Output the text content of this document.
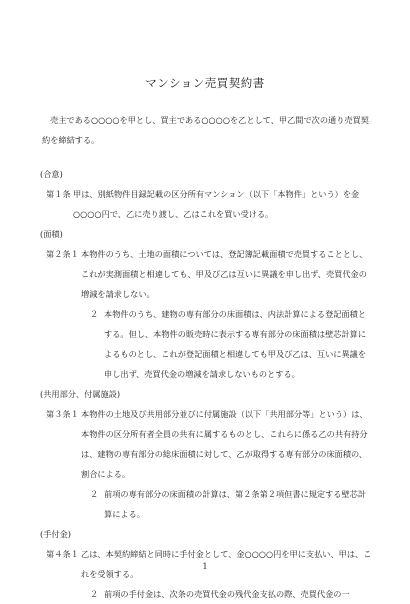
マンション売買契約書
売主である○○○○を甲とし、買主である○○○○を乙として、甲乙間で次の通り売買契約を締結する。
(合意)
第１条 甲は、別紙物件目録記載の区分所有マンション（以下「本物件」という）を金○○○○円で、乙に売り渡し、乙はこれを買い受ける。
(面積)
第２条１ 本物件のうち、土地の面積については、登記簿記載面積で売買することとし、これが実測面積と相違しても、甲及び乙は互いに異議を申し出ず、売買代金の増減を請求しない。
２ 本物件のうち、建物の専有部分の床面積は、内法計算による登記面積とする。但し、本物件の販売時に表示する専有部分の床面積は壁芯計算によるものとし、これが登記面積と相違しても甲及び乙は、互いに異議を申し出ず、売買代金の増減を請求しないものとする。
(共用部分、付属施設)
第３条１ 本物件の土地及び共用部分並びに付属施設（以下「共用部分等」という）は、本物件の区分所有者全員の共有に属するものとし、これらに係る乙の共有持分は、建物の専有部分の総床面積に対して、乙が取得する専有部分の床面積の、割合による。
２ 前項の専有部分の床面積の計算は、第２条第２項但書に規定する壁芯計算による。
(手付金)
第４条１ 乙は、本契約締結と同時に手付金として、金○○○○円を甲に支払い、甲は、これを受領する。
２ 前項の手付金は、次条の売買代金の残代金支払の際、売買代金の一
1
